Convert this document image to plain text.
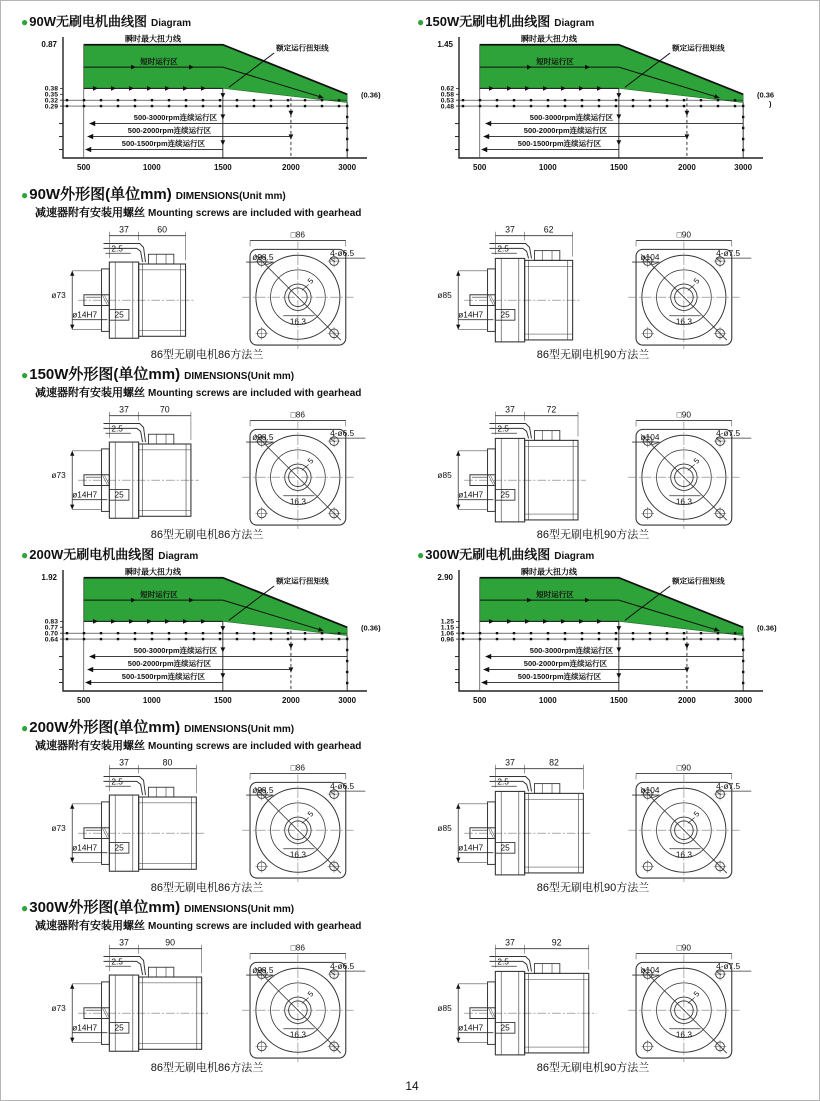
●90W无刷电机曲线图 Diagram
500-3000rpm连续运行区
500-2000rpm连续运行区
500-1500rpm连续运行区
0.87
0.38
0.35
0.32
0.29
500	1000	1500	2000	3000
瞬时最大扭力线
短时运行区
额定运行扭矩线
(0.36)
●150W无刷电机曲线图 Diagram
500-3000rpm连续运行区
500-2000rpm连续运行区
500-1500rpm连续运行区
1.45
0.62
0.58
0.53
0.48
500	1000	1500	2000	3000
瞬时最大扭力线
短时运行区
额定运行扭矩线
(0.36
)
●90W外形图(单位mm) DIMENSIONS(Unit mm)

减速器附有安装用螺丝 Mounting screws are included with gearhead

37	60
2.5
ø73
ø14H7 25
□86
ø98.5	4-ø6.5
5
16.3
86型无刷电机86方法兰
37	62
2.5
ø85
ø14H7 25
□90
ø104	4-ø7.5
5
16.3
86型无刷电机90方法兰
●150W外形图(单位mm) DIMENSIONS(Unit mm)

减速器附有安装用螺丝 Mounting screws are included with gearhead

37	70
2.5
ø73
ø14H7 25
□86
ø98.5	4-ø6.5
5
16.3
86型无刷电机86方法兰
37	72
2.5
ø85
ø14H7 25
□90
ø104	4-ø7.5
5
16.3
86型无刷电机90方法兰
●200W无刷电机曲线图 Diagram
500-3000rpm连续运行区
500-2000rpm连续运行区
500-1500rpm连续运行区
1.92
0.83
0.77
0.70
0.64
500	1000	1500	2000	3000
瞬时最大扭力线
短时运行区
额定运行扭矩线
(0.36)
●300W无刷电机曲线图 Diagram
500-3000rpm连续运行区
500-2000rpm连续运行区
500-1500rpm连续运行区
2.90
1.25
1.15
1.06
0.96
500	1000	1500	2000	3000
瞬时最大扭力线
短时运行区
额定运行扭矩线
(0.36)
●200W外形图(单位mm) DIMENSIONS(Unit mm)

减速器附有安装用螺丝 Mounting screws are included with gearhead

37	80
2.5
ø73
ø14H7 25
□86
ø98.5	4-ø6.5
5
16.3
86型无刷电机86方法兰
37	82
2.5
ø85
ø14H7 25
□90
ø104	4-ø7.5
5
16.3
86型无刷电机90方法兰
●300W外形图(单位mm) DIMENSIONS(Unit mm)

减速器附有安装用螺丝 Mounting screws are included with gearhead

37	90
2.5
ø73
ø14H7 25
□86
ø98.5	4-ø6.5
5
16.3
86型无刷电机86方法兰
37	92
2.5
ø85
ø14H7 25
□90
ø104	4-ø7.5
5
16.3
86型无刷电机90方法兰
14
